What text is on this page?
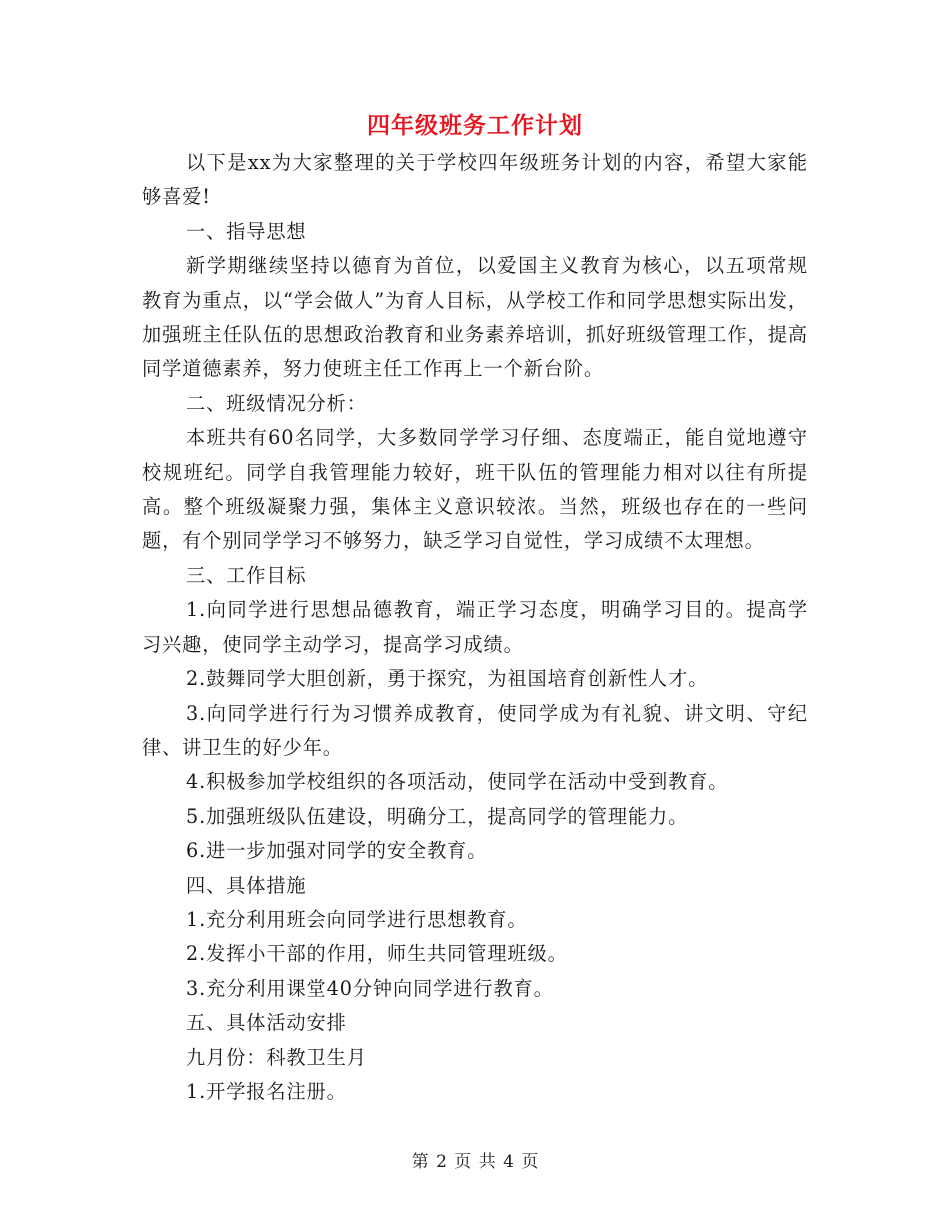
四年级班务工作计划

以下是xx为大家整理的关于学校四年级班务计划的内容，希望大家能够喜爱!

一、指导思想

新学期继续坚持以德育为首位，以爱国主义教育为核心，以五项常规教育为重点，以“学会做人”为育人目标，从学校工作和同学思想实际出发，加强班主任队伍的思想政治教育和业务素养培训，抓好班级管理工作，提高同学道德素养，努力使班主任工作再上一个新台阶。

二、班级情况分析：

本班共有60名同学，大多数同学学习仔细、态度端正，能自觉地遵守校规班纪。同学自我管理能力较好，班干队伍的管理能力相对以往有所提高。整个班级凝聚力强，集体主义意识较浓。当然，班级也存在的一些问题，有个别同学学习不够努力，缺乏学习自觉性，学习成绩不太理想。

三、工作目标

1.向同学进行思想品德教育，端正学习态度，明确学习目的。提高学习兴趣，使同学主动学习，提高学习成绩。

2.鼓舞同学大胆创新，勇于探究，为祖国培育创新性人才。

3.向同学进行行为习惯养成教育，使同学成为有礼貌、讲文明、守纪律、讲卫生的好少年。

4.积极参加学校组织的各项活动，使同学在活动中受到教育。

5.加强班级队伍建设，明确分工，提高同学的管理能力。

6.进一步加强对同学的安全教育。

四、具体措施

1.充分利用班会向同学进行思想教育。

2.发挥小干部的作用，师生共同管理班级。

3.充分利用课堂40分钟向同学进行教育。

五、具体活动安排

九月份：科教卫生月

1.开学报名注册。

第 2 页 共 4 页
